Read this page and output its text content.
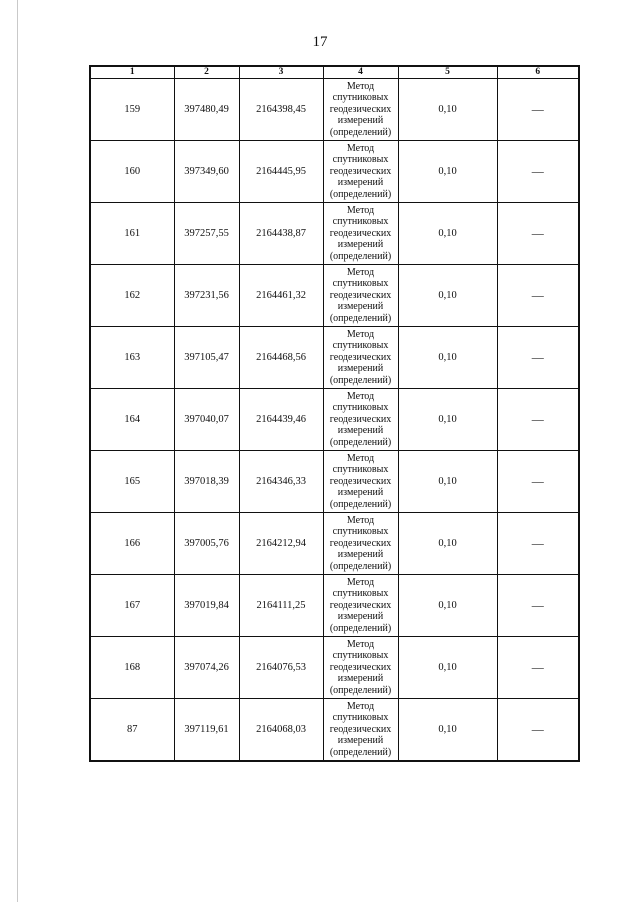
17
1	2	3	4	5	6
159	397480,49	2164398,45	Метод
спутниковых
геодезических
измерений
(определений)	0,10	—
160	397349,60	2164445,95	Метод
спутниковых
геодезических
измерений
(определений)	0,10	—
161	397257,55	2164438,87	Метод
спутниковых
геодезических
измерений
(определений)	0,10	—
162	397231,56	2164461,32	Метод
спутниковых
геодезических
измерений
(определений)	0,10	—
163	397105,47	2164468,56	Метод
спутниковых
геодезических
измерений
(определений)	0,10	—
164	397040,07	2164439,46	Метод
спутниковых
геодезических
измерений
(определений)	0,10	—
165	397018,39	2164346,33	Метод
спутниковых
геодезических
измерений
(определений)	0,10	—
166	397005,76	2164212,94	Метод
спутниковых
геодезических
измерений
(определений)	0,10	—
167	397019,84	2164111,25	Метод
спутниковых
геодезических
измерений
(определений)	0,10	—
168	397074,26	2164076,53	Метод
спутниковых
геодезических
измерений
(определений)	0,10	—
87	397119,61	2164068,03	Метод
спутниковых
геодезических
измерений
(определений)	0,10	—
